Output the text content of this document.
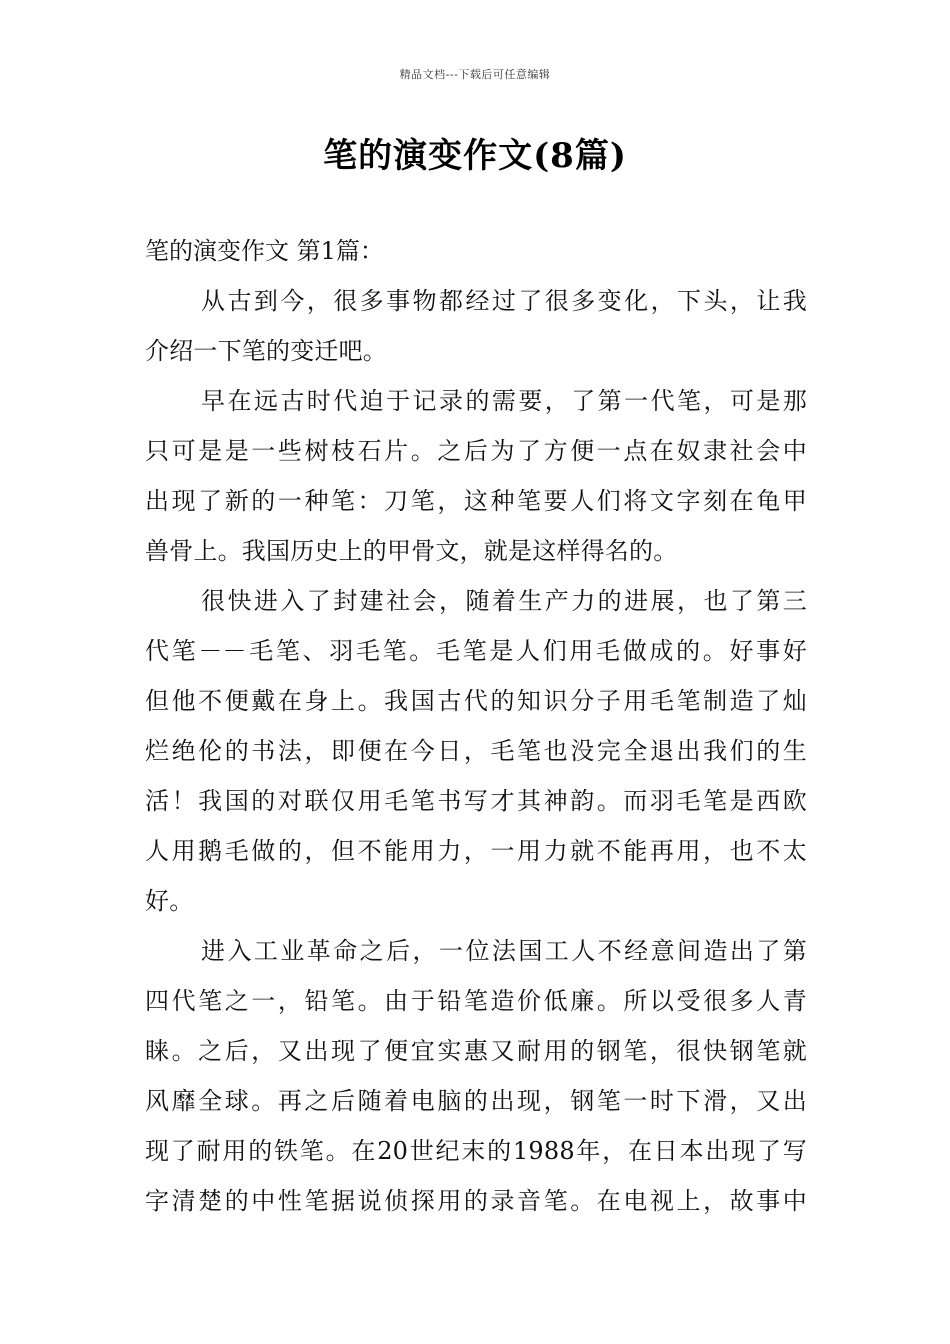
精品文档---下载后可任意编辑
笔的演变作文(8篇)
笔的演变作文 第1篇：
从古到今，很多事物都经过了很多变化，下头，让我
介绍一下笔的变迁吧。
早在远古时代迫于记录的需要，了第一代笔，可是那
只可是是一些树枝石片。之后为了方便一点在奴隶社会中
出现了新的一种笔：刀笔，这种笔要人们将文字刻在龟甲
兽骨上。我国历史上的甲骨文，就是这样得名的。
很快进入了封建社会，随着生产力的进展，也了第三
代笔－－毛笔、羽毛笔。毛笔是人们用毛做成的。好事好
但他不便戴在身上。我国古代的知识分子用毛笔制造了灿
烂绝伦的书法，即便在今日，毛笔也没完全退出我们的生
活！我国的对联仅用毛笔书写才其神韵。而羽毛笔是西欧
人用鹅毛做的，但不能用力，一用力就不能再用，也不太
好。
进入工业革命之后，一位法国工人不经意间造出了第
四代笔之一，铅笔。由于铅笔造价低廉。所以受很多人青
睐。之后，又出现了便宜实惠又耐用的钢笔，很快钢笔就
风靡全球。再之后随着电脑的出现，钢笔一时下滑，又出
现了耐用的铁笔。在20世纪末的1988年，在日本出现了写
字清楚的中性笔据说侦探用的录音笔。在电视上，故事中
